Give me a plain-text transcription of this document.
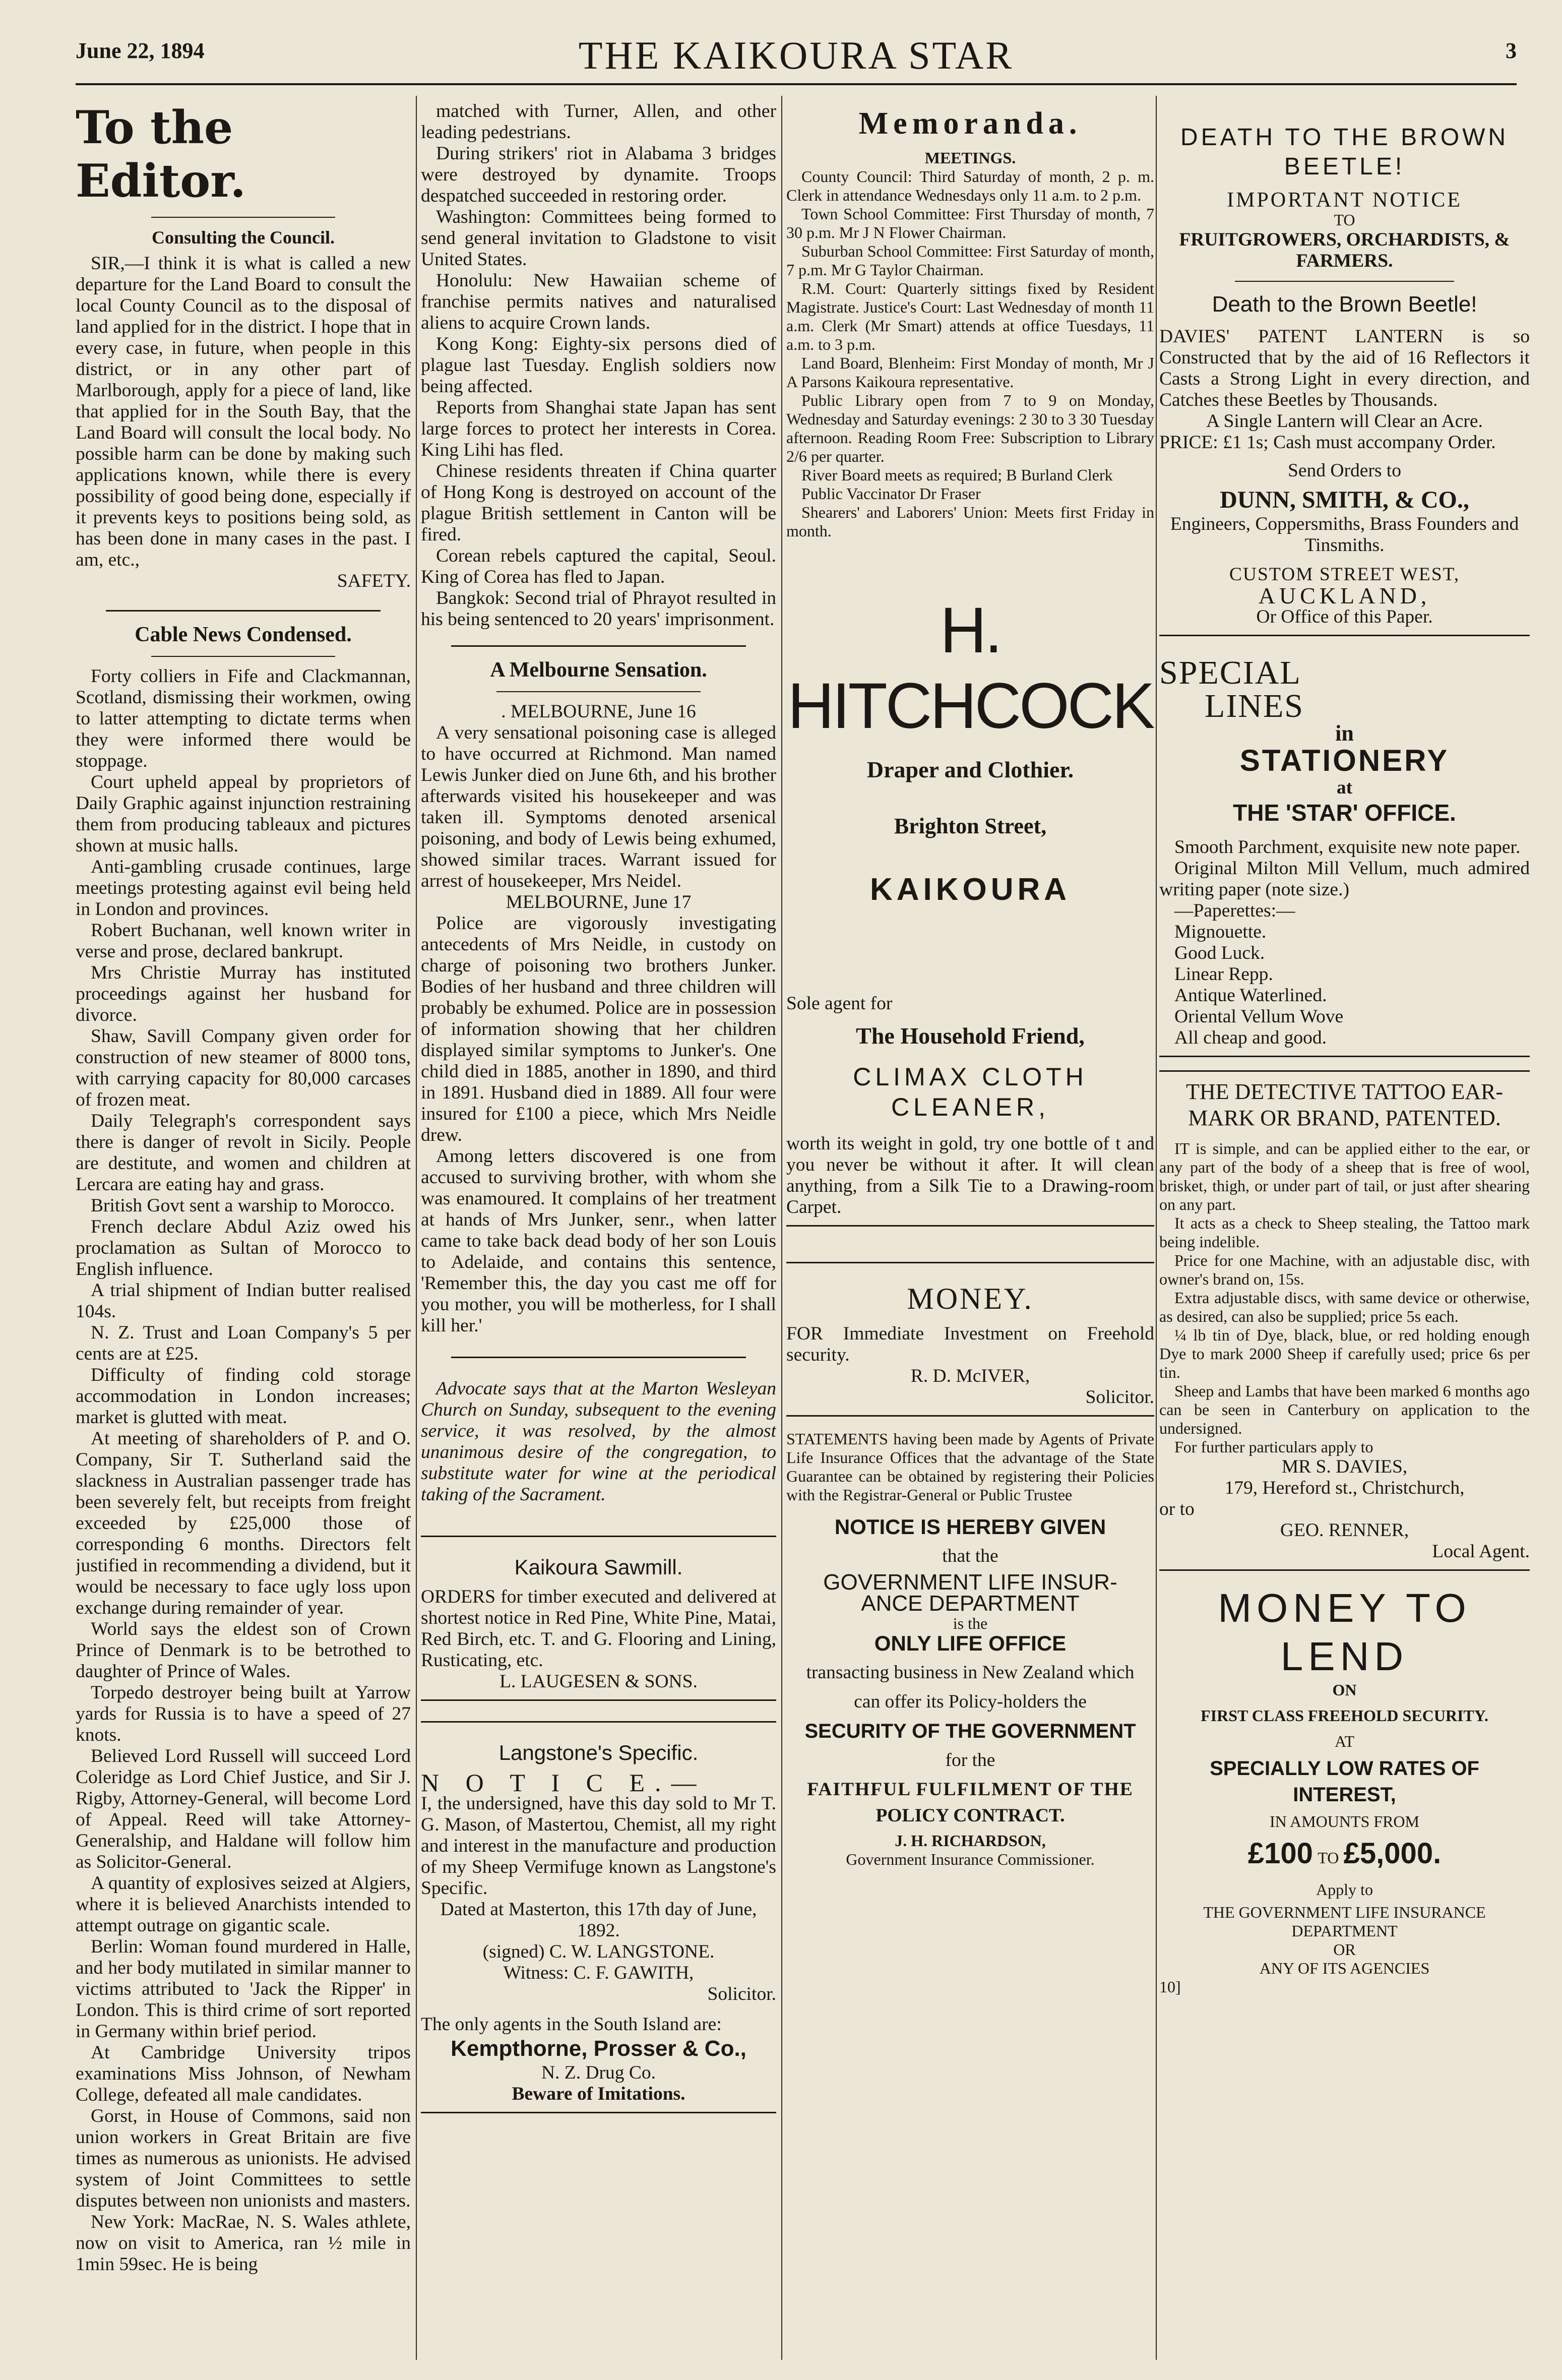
June 22, 1894	THE KAIKOURA STAR	3
To the Editor.
Consulting the Council.

SIR,—I think it is what is called a new departure for the Land Board to consult the local County Council as to the disposal of land applied for in the district. I hope that in every case, in future, when people in this district, or in any other part of Marlborough, apply for a piece of land, like that applied for in the South Bay, that the Land Board will consult the local body. No possible harm can be done by making such applications known, while there is every possibility of good being done, especially if it prevents keys to positions being sold, as has been done in many cases in the past. I am, etc.,

SAFETY.

Cable News Condensed.

Forty colliers in Fife and Clackmannan, Scotland, dismissing their workmen, owing to latter attempting to dictate terms when they were informed there would be stoppage.

Court upheld appeal by proprietors of Daily Graphic against injunction restraining them from producing tableaux and pictures shown at music halls.

Anti-gambling crusade continues, large meetings protesting against evil being held in London and provinces.

Robert Buchanan, well known writer in verse and prose, declared bankrupt.

Mrs Christie Murray has instituted proceedings against her husband for divorce.

Shaw, Savill Company given order for construction of new steamer of 8000 tons, with carrying capacity for 80,000 carcases of frozen meat.

Daily Telegraph's correspondent says there is danger of revolt in Sicily. People are destitute, and women and children at Lercara are eating hay and grass.

British Govt sent a warship to Morocco.

French declare Abdul Aziz owed his proclamation as Sultan of Morocco to English influence.

A trial shipment of Indian butter realised 104s.

N. Z. Trust and Loan Company's 5 per cents are at £25.

Difficulty of finding cold storage accommodation in London increases; market is glutted with meat.

At meeting of shareholders of P. and O. Company, Sir T. Sutherland said the slackness in Australian passenger trade has been severely felt, but receipts from freight exceeded by £25,000 those of corresponding 6 months. Directors felt justified in recommending a dividend, but it would be necessary to face ugly loss upon exchange during remainder of year.

World says the eldest son of Crown Prince of Denmark is to be betrothed to daughter of Prince of Wales.

Torpedo destroyer being built at Yarrow yards for Russia is to have a speed of 27 knots.

Believed Lord Russell will succeed Lord Coleridge as Lord Chief Justice, and Sir J. Rigby, Attorney-General, will become Lord of Appeal. Reed will take Attorney-Generalship, and Haldane will follow him as Solicitor-General.

A quantity of explosives seized at Algiers, where it is believed Anarchists intended to attempt outrage on gigantic scale.

Berlin: Woman found murdered in Halle, and her body mutilated in similar manner to victims attributed to 'Jack the Ripper' in London. This is third crime of sort reported in Germany within brief period.

At Cambridge University tripos examinations Miss Johnson, of Newham College, defeated all male candidates.

Gorst, in House of Commons, said non union workers in Great Britain are five times as numerous as unionists. He advised system of Joint Committees to settle disputes between non unionists and masters.

New York: MacRae, N. S. Wales athlete, now on visit to America, ran ½ mile in 1min 59sec. He is being

matched with Turner, Allen, and other leading pedestrians.

During strikers' riot in Alabama 3 bridges were destroyed by dynamite. Troops despatched succeeded in restoring order.

Washington: Committees being formed to send general invitation to Gladstone to visit United States.

Honolulu: New Hawaiian scheme of franchise permits natives and naturalised aliens to acquire Crown lands.

Kong Kong: Eighty-six persons died of plague last Tuesday. English soldiers now being affected.

Reports from Shanghai state Japan has sent large forces to protect her interests in Corea. King Lihi has fled.

Chinese residents threaten if China quarter of Hong Kong is destroyed on account of the plague British settlement in Canton will be fired.

Corean rebels captured the capital, Seoul. King of Corea has fled to Japan.

Bangkok: Second trial of Phrayot resulted in his being sentenced to 20 years' imprisonment.

A Melbourne Sensation.

. MELBOURNE, June 16

A very sensational poisoning case is alleged to have occurred at Richmond. Man named Lewis Junker died on June 6th, and his brother afterwards visited his housekeeper and was taken ill. Symptoms denoted arsenical poisoning, and body of Lewis being exhumed, showed similar traces. Warrant issued for arrest of housekeeper, Mrs Neidel.

MELBOURNE, June 17

Police are vigorously investigating antecedents of Mrs Neidle, in custody on charge of poisoning two brothers Junker. Bodies of her husband and three children will probably be exhumed. Police are in possession of information showing that her children displayed similar symptoms to Junker's. One child died in 1885, another in 1890, and third in 1891. Husband died in 1889. All four were insured for £100 a piece, which Mrs Neidle drew.

Among letters discovered is one from accused to surviving brother, with whom she was enamoured. It complains of her treatment at hands of Mrs Junker, senr., when latter came to take back dead body of her son Louis to Adelaide, and contains this sentence, 'Remember this, the day you cast me off for you mother, you will be motherless, for I shall kill her.'

Advocate says that at the Marton Wesleyan Church on Sunday, subsequent to the evening service, it was resolved, by the almost unanimous desire of the congregation, to substitute water for wine at the periodical taking of the Sacrament.

Kaikoura Sawmill.

ORDERS for timber executed and delivered at shortest notice in Red Pine, White Pine, Matai, Red Birch, etc. T. and G. Flooring and Lining, Rusticating, etc.

L. LAUGESEN & SONS.

Langstone's Specific.

N O T I C E.—

I, the undersigned, have this day sold to Mr T. G. Mason, of Mastertou, Chemist, all my right and interest in the manufacture and production of my Sheep Vermifuge known as Langstone's Specific.

Dated at Masterton, this 17th day of June, 1892.

(signed) C. W. LANGSTONE.

Witness: C. F. GAWITH,

Solicitor.

The only agents in the South Island are:

Kempthorne, Prosser & Co.,

N. Z. Drug Co.

Beware of Imitations.

Memoranda.
MEETINGS.

County Council: Third Saturday of month, 2 p. m. Clerk in attendance Wednesdays only 11 a.m. to 2 p.m.

Town School Committee: First Thursday of month, 7 30 p.m. Mr J N Flower Chairman.

Suburban School Committee: First Saturday of month, 7 p.m. Mr G Taylor Chairman.

R.M. Court: Quarterly sittings fixed by Resident Magistrate. Justice's Court: Last Wednesday of month 11 a.m. Clerk (Mr Smart) attends at office Tuesdays, 11 a.m. to 3 p.m.

Land Board, Blenheim: First Monday of month, Mr J A Parsons Kaikoura representative.

Public Library open from 7 to 9 on Monday, Wednesday and Saturday evenings: 2 30 to 3 30 Tuesday afternoon. Reading Room Free: Subscription to Library 2/6 per quarter.

River Board meets as required; B Burland Clerk

Public Vaccinator Dr Fraser

Shearers' and Laborers' Union: Meets first Friday in month.

H. HITCHCOCK

Draper and Clothier.

Brighton Street,

KAIKOURA

Sole agent for

The Household Friend,

CLIMAX CLOTH

CLEANER,

worth its weight in gold, try one bottle of t and you never be without it after. It will clean anything, from a Silk Tie to a Drawing-room Carpet.

MONEY.

FOR Immediate Investment on Freehold security.

R. D. McIVER,

Solicitor.

STATEMENTS having been made by Agents of Private Life Insurance Offices that the advantage of the State Guarantee can be obtained by registering their Policies with the Registrar-General or Public Trustee

NOTICE IS HEREBY GIVEN

that the

GOVERNMENT LIFE INSUR-

ANCE DEPARTMENT

is the

ONLY LIFE OFFICE

transacting business in New Zealand which

can offer its Policy-holders the

SECURITY OF THE GOVERNMENT

for the

FAITHFUL FULFILMENT OF THE

POLICY CONTRACT.

J. H. RICHARDSON,

Government Insurance Commissioner.

DEATH TO THE BROWN BEETLE!

IMPORTANT NOTICE

TO

FRUITGROWERS, ORCHARDISTS, & FARMERS.

Death to the Brown Beetle!

DAVIES' PATENT LANTERN is so Constructed that by the aid of 16 Reflectors it Casts a Strong Light in every direction, and Catches these Beetles by Thousands.

A Single Lantern will Clear an Acre.

PRICE: £1 1s; Cash must accompany Order.

Send Orders to

DUNN, SMITH, & CO.,

Engineers, Coppersmiths, Brass Founders and Tinsmiths.

CUSTOM STREET WEST,

AUCKLAND,

Or Office of this Paper.

SPECIAL

LINES

in

STATIONERY

at

THE 'STAR' OFFICE.

Smooth Parchment, exquisite new note paper.

Original Milton Mill Vellum, much admired writing paper (note size.)

—Paperettes:—

Mignouette.

Good Luck.

Linear Repp.

Antique Waterlined.

Oriental Vellum Wove

All cheap and good.

THE DETECTIVE TATTOO EAR-MARK OR BRAND, PATENTED.

IT is simple, and can be applied either to the ear, or any part of the body of a sheep that is free of wool, brisket, thigh, or under part of tail, or just after shearing on any part.

It acts as a check to Sheep stealing, the Tattoo mark being indelible.

Price for one Machine, with an adjustable disc, with owner's brand on, 15s.

Extra adjustable discs, with same device or otherwise, as desired, can also be supplied; price 5s each.

¼ lb tin of Dye, black, blue, or red holding enough Dye to mark 2000 Sheep if carefully used; price 6s per tin.

Sheep and Lambs that have been marked 6 months ago can be seen in Canterbury on application to the undersigned.

For further particulars apply to

MR S. DAVIES,

179, Hereford st., Christchurch,

or to

GEO. RENNER,

Local Agent.

MONEY TO

LEND

ON

FIRST CLASS FREEHOLD SECURITY.

AT

SPECIALLY LOW RATES OF

INTEREST,

IN AMOUNTS FROM

£100 TO £5,000.

Apply to

THE GOVERNMENT LIFE INSURANCE DEPARTMENT

OR

ANY OF ITS AGENCIES

10]
